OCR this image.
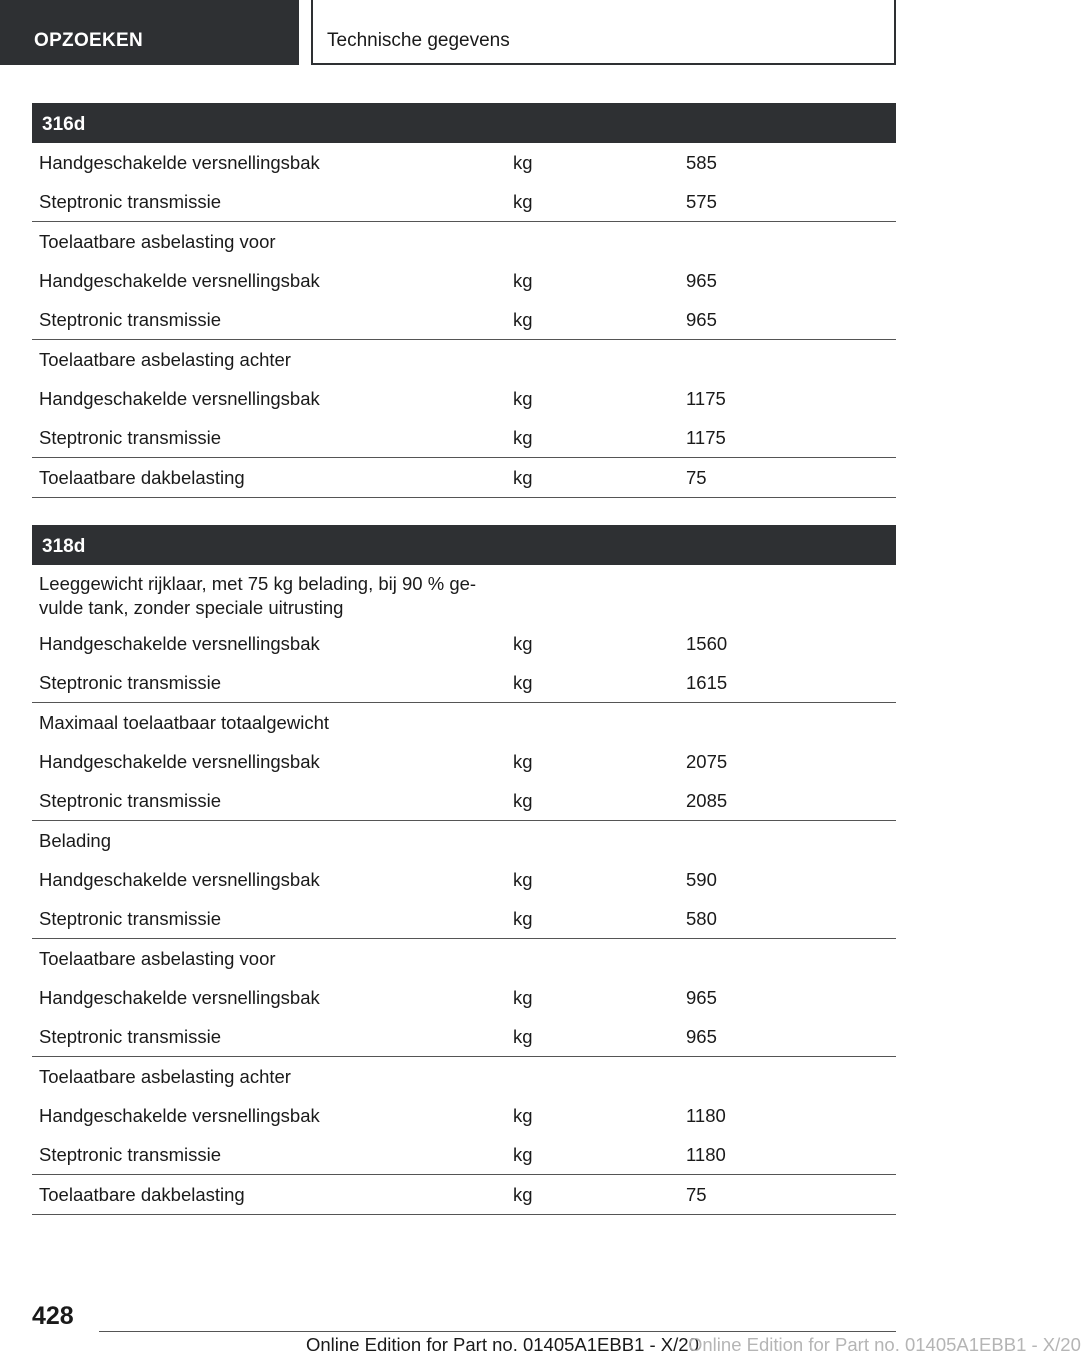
OPZOEKEN	Technische gegevens
316d
Handgeschakelde versnellingsbak	kg	585
Steptronic transmissie	kg	575
Toelaatbare asbelasting voor
Handgeschakelde versnellingsbak	kg	965
Steptronic transmissie	kg	965
Toelaatbare asbelasting achter
Handgeschakelde versnellingsbak	kg	1175
Steptronic transmissie	kg	1175
Toelaatbare dakbelasting	kg	75
318d
Leeggewicht rijklaar, met 75 kg belading, bij 90 % ge-vulde tank, zonder speciale uitrusting
Handgeschakelde versnellingsbak	kg	1560
Steptronic transmissie	kg	1615
Maximaal toelaatbaar totaalgewicht
Handgeschakelde versnellingsbak	kg	2075
Steptronic transmissie	kg	2085
Belading
Handgeschakelde versnellingsbak	kg	590
Steptronic transmissie	kg	580
Toelaatbare asbelasting voor
Handgeschakelde versnellingsbak	kg	965
Steptronic transmissie	kg	965
Toelaatbare asbelasting achter
Handgeschakelde versnellingsbak	kg	1180
Steptronic transmissie	kg	1180
Toelaatbare dakbelasting	kg	75
428
Online Edition for Part no. 01405A1EBB1 - X/20
Online Edition for Part no. 01405A1EBB1 - X/20
